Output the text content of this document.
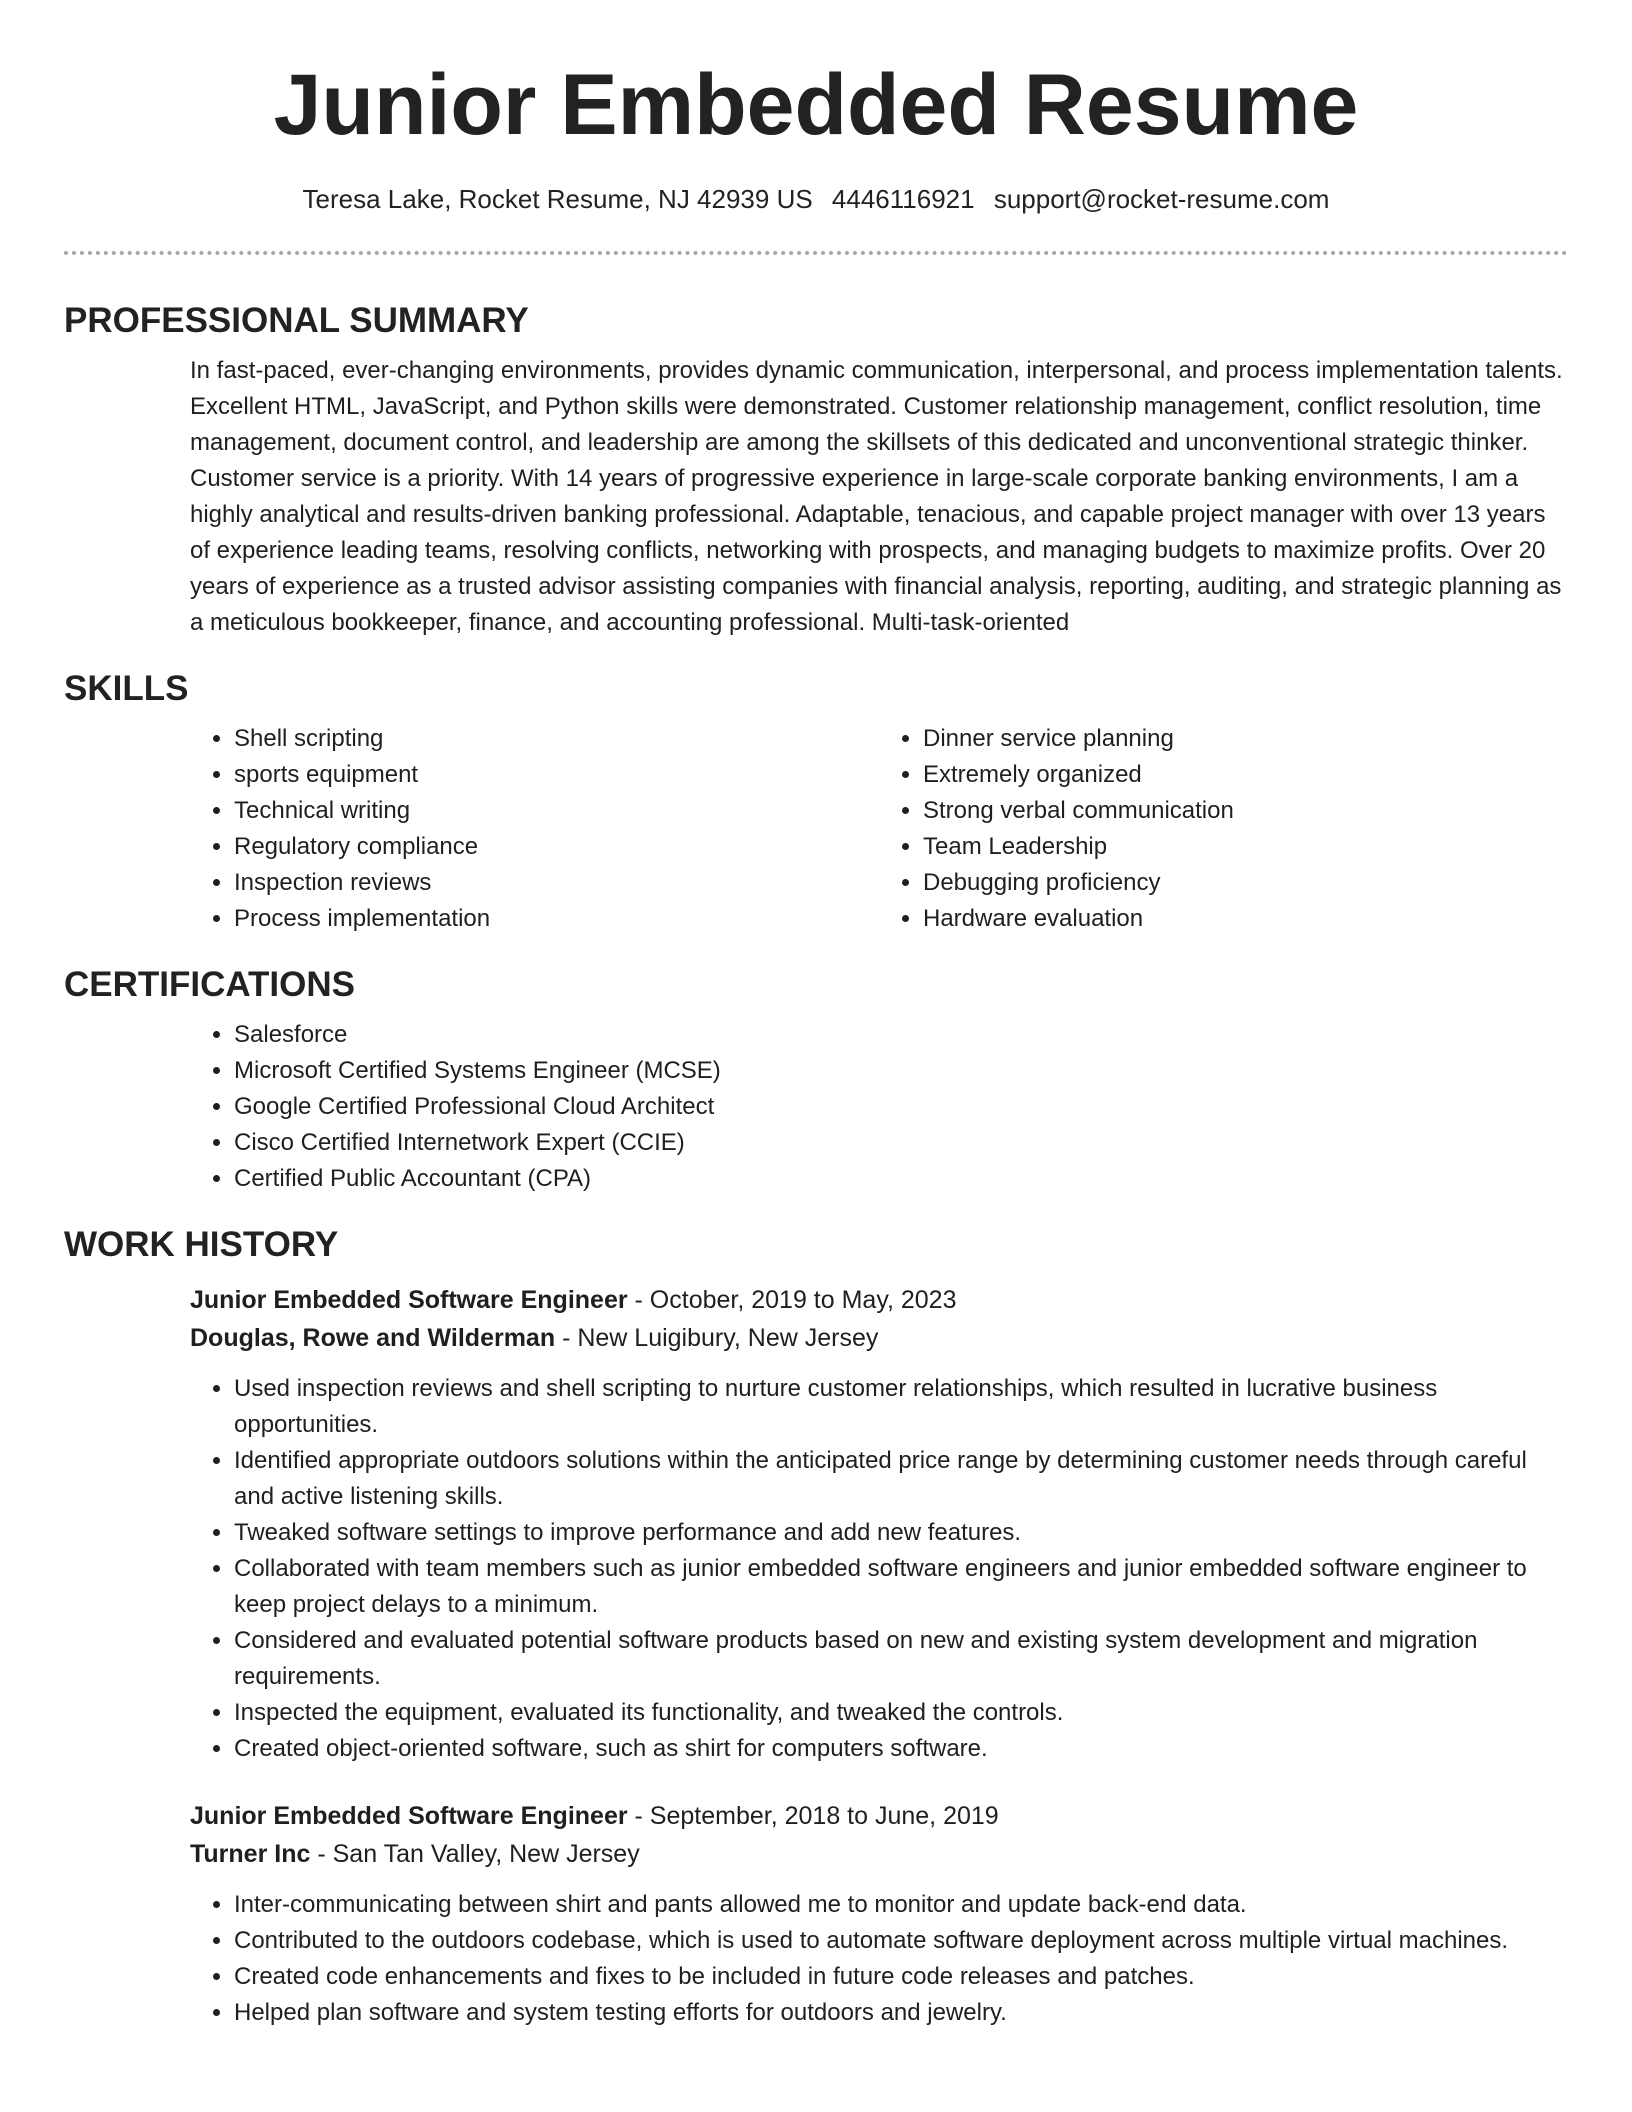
Junior Embedded Resume
Teresa Lake, Rocket Resume, NJ 42939 US 4446116921 support@rocket-resume.com
PROFESSIONAL SUMMARY

In fast-paced, ever-changing environments, provides dynamic communication, interpersonal, and process implementation talents. Excellent HTML, JavaScript, and Python skills were demonstrated. Customer relationship management, conflict resolution, time management, document control, and leadership are among the skillsets of this dedicated and unconventional strategic thinker. Customer service is a priority. With 14 years of progressive experience in large-scale corporate banking environments, I am a highly analytical and results-driven banking professional. Adaptable, tenacious, and capable project manager with over 13 years of experience leading teams, resolving conflicts, networking with prospects, and managing budgets to maximize profits. Over 20 years of experience as a trusted advisor assisting companies with financial analysis, reporting, auditing, and strategic planning as a meticulous bookkeeper, finance, and accounting professional. Multi-task-oriented

SKILLS
• Shell scripting
• sports equipment
• Technical writing
• Regulatory compliance
• Inspection reviews
• Process implementation
• Dinner service planning
• Extremely organized
• Strong verbal communication
• Team Leadership
• Debugging proficiency
• Hardware evaluation
CERTIFICATIONS
• Salesforce
• Microsoft Certified Systems Engineer (MCSE)
• Google Certified Professional Cloud Architect
• Cisco Certified Internetwork Expert (CCIE)
• Certified Public Accountant (CPA)
WORK HISTORY

Junior Embedded Software Engineer - October, 2019 to May, 2023

Douglas, Rowe and Wilderman - New Luigibury, New Jersey

• Used inspection reviews and shell scripting to nurture customer relationships, which resulted in lucrative business opportunities.
• Identified appropriate outdoors solutions within the anticipated price range by determining customer needs through careful and active listening skills.
• Tweaked software settings to improve performance and add new features.
• Collaborated with team members such as junior embedded software engineers and junior embedded software engineer to keep project delays to a minimum.
• Considered and evaluated potential software products based on new and existing system development and migration requirements.
• Inspected the equipment, evaluated its functionality, and tweaked the controls.
• Created object-oriented software, such as shirt for computers software.

Junior Embedded Software Engineer - September, 2018 to June, 2019

Turner Inc - San Tan Valley, New Jersey

• Inter-communicating between shirt and pants allowed me to monitor and update back-end data.
• Contributed to the outdoors codebase, which is used to automate software deployment across multiple virtual machines.
• Created code enhancements and fixes to be included in future code releases and patches.
• Helped plan software and system testing efforts for outdoors and jewelry.
